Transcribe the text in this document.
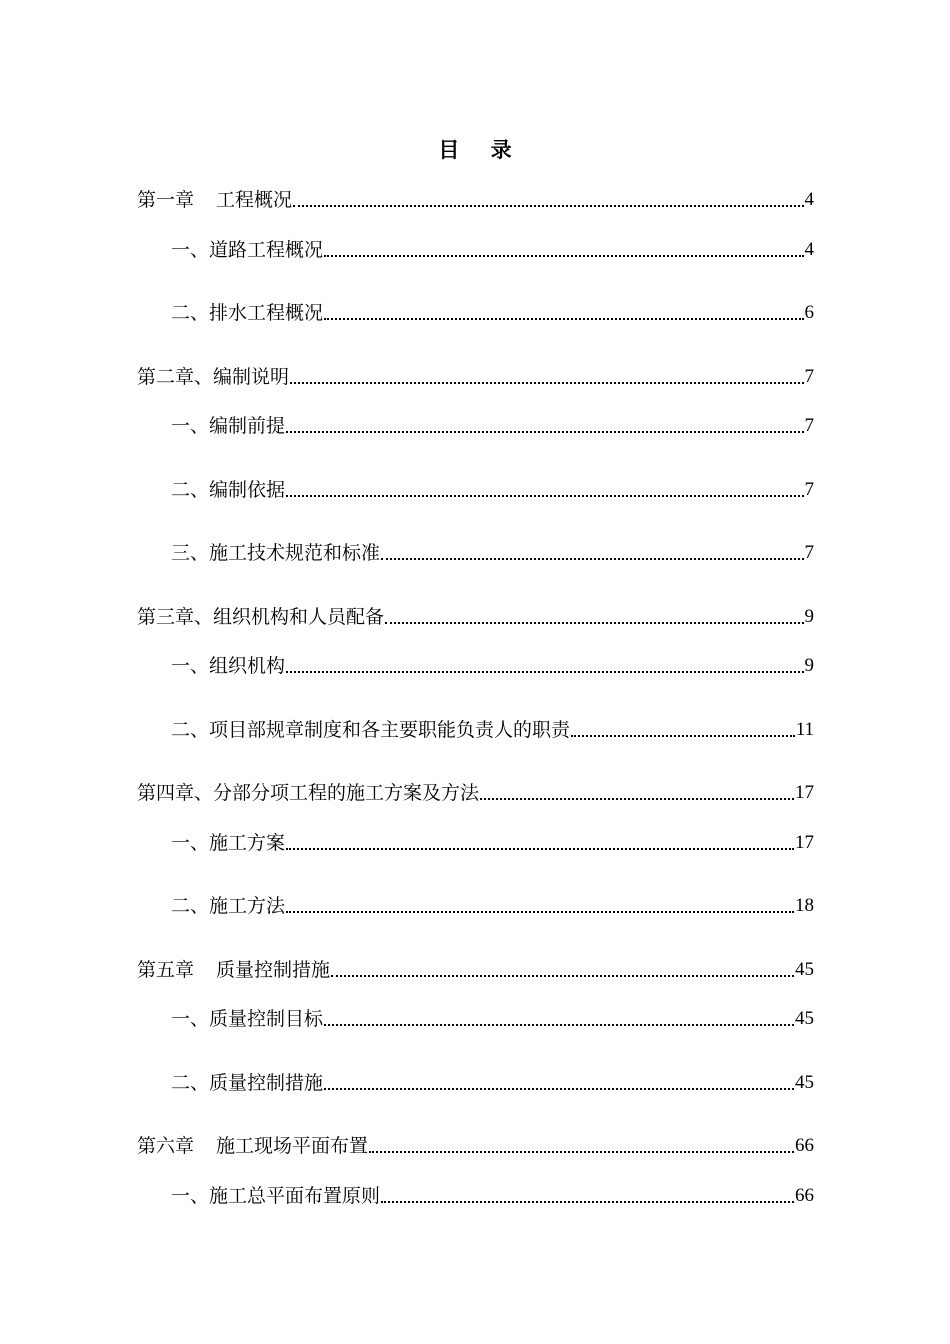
目 录
第一章 工程概况	4
一、道路工程概况	4
二、排水工程概况	6
第二章、编制说明	7
一、编制前提	7
二、编制依据	7
三、施工技术规范和标准	7
第三章、组织机构和人员配备	9
一、组织机构	9
二、项目部规章制度和各主要职能负责人的职责	11
第四章、分部分项工程的施工方案及方法	17
一、施工方案	17
二、施工方法	18
第五章 质量控制措施	45
一、质量控制目标	45
二、质量控制措施	45
第六章 施工现场平面布置	66
一、施工总平面布置原则	66
